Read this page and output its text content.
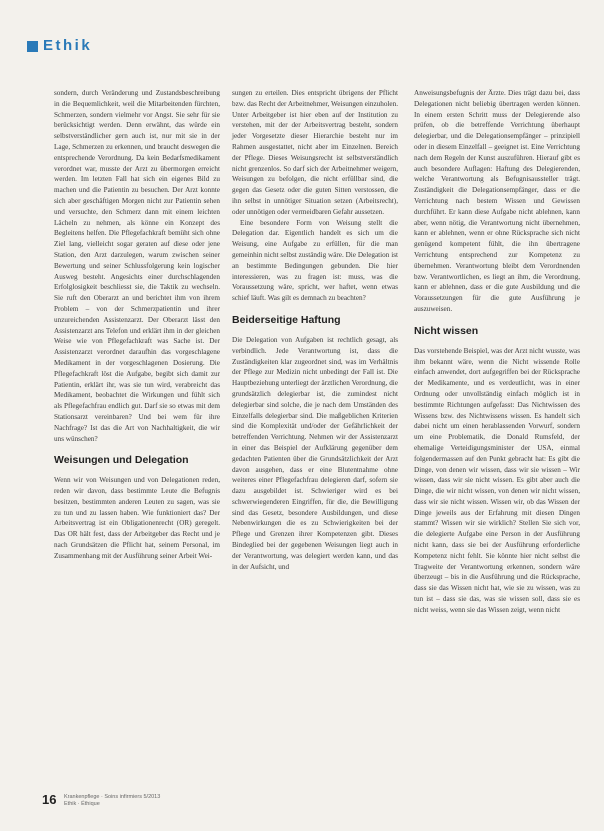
Ethik

sondern, durch Veränderung und Zustandsbeschreibung in die Bequemlichkeit, weil die Mitarbeitenden fürchten, Schmerzen, sondern vielmehr vor Angst. Sie sehr für sie berücksichtigt werden. Denn erwähnt, das würde ein selbstverständlicher gern auch ist, nur mit sie in der Lage, Schmerzen zu erkennen, und braucht deswegen die entsprechende Verordnung. Da kein Bedarfsmedikament verordnet war, musste der Arzt zu übermorgen erreicht werden. Im letzten Fall hat sich ein eigenes Bild zu machen und die Patientin zu besuchen. Der Arzt konnte sich aber geschäftigen Morgen nicht zur Patientin sehen und versuchte, den Schmerz dann mit einem leichten Lächeln zu nehmen, als könne ein Konzept des Begleitens helfen. Die Pflegefachkraft bemüht sich ohne Ziel lang, vielleicht sogar geraten auf diese oder jene Station, den Arzt darzulegen, warum zwischen seiner Bewertung und seiner Schlussfolgerung kein logischer Ausweg besteht. Angesichts einer durchschlagenden Erfolglosigkeit beschliesst sie, die Taktik zu wechseln. Sie ruft den Oberarzt an und berichtet ihm von ihrem Problem – von der Schmerzpatientin und ihrer unzureichenden Assistenzarzt. Der Oberarzt lässt den Assistenzarzt ans Telefon und erklärt ihm in der gleichen Weise wie von Pflegefachkraft was Sache ist. Der Assistenzarzt verordnet daraufhin das vorgeschlagene Medikament in der vorgeschlagenen Dosierung. Die Pflegefachkraft löst die Aufgabe, begibt sich damit zur Patientin, erklärt ihr, was sie tun wird, verabreicht das Medikament, beobachtet die Wirkungen und fühlt sich als Pflegefachfrau endlich gut. Darf sie so etwas mit dem Stationsarzt vereinbaren? Und bei wem für ihre Nachfrage? Ist das die Art von Nachhaltigkeit, die wir uns wünschen?

Weisungen und Delegation

Wenn wir von Weisungen und von Delegationen reden, reden wir davon, dass bestimmte Leute die Befugnis besitzen, bestimmten anderen Leuten zu sagen, was sie zu tun und zu lassen haben. Wie funktioniert das? Der Arbeitsvertrag ist ein Obligationenrecht (OR) geregelt. Das OR hält fest, dass der Arbeitgeber das Recht und je nach Grundsätzen die Pflicht hat, seinem Personal, im Zusammenhang mit der Ausführung seiner Arbeit Wei-

sungen zu erteilen. Dies entspricht übrigens der Pflicht bzw. das Recht der Arbeitnehmer, Weisungen einzuholen. Unter Arbeitgeber ist hier eben auf der Institution zu verstehen, mit der der Arbeitsvertrag besteht, sondern jeder Vorgesetzte dieser Hierarchie besteht nur im Rahmen ausgestattet, nicht aber im Einzelnen. Bereich der Pflege. Dieses Weisungsrecht ist selbstverständlich nicht grenzenlos. So darf sich der Arbeitnehmer weigern, Weisungen zu befolgen, die nicht erfüllbar sind, die gegen das Gesetz oder die guten Sitten verstossen, die ihn selbst in unnötiger Situation setzen (Arbeitsrecht), oder unnötigen oder vermeidbaren Gefahr aussetzen.

Eine besondere Form von Weisung stellt die Delegation dar. Eigentlich handelt es sich um die Weisung, eine Aufgabe zu erfüllen, für die man gemeinhin nicht selbst zuständig wäre. Die Delegation ist an bestimmte Bedingungen gebunden. Die hier interessieren, was zu fragen ist: muss, was die Voraussetzung wäre, spricht, wer haftet, wenn etwas schief läuft. Was gilt es demnach zu beachten?

Beiderseitige Haftung

Die Delegation von Aufgaben ist rechtlich gesagt, als verbindlich. Jede Verantwortung ist, dass die Zuständigkeiten klar zugeordnet sind, was im Verhältnis der Pflege zur Medizin nicht unbedingt der Fall ist. Die Hauptbeziehung unterliegt der ärztlichen Verordnung, die grundsätzlich delegierbar ist, die zumindest nicht delegierbar sind solche, die je nach dem Umständen des Einzelfalls delegierbar sind. Die maßgeblichen Kriterien sind die Komplexität und/oder der Gefährlichkeit der betreffenden Verrichtung. Nehmen wir der Assistenzarzt in einer das Beispiel der Aufklärung gegenüber dem gedachten Patienten über die Grundsätzlichkeit der Arzt davon ausgehen, dass er eine Blutentnahme ohne weiteres einer Pflegefachfrau delegieren darf, sofern sie dazu ausgebildet ist. Schwieriger wird es bei schwerwiegenderen Eingriffen, für die, die Bewilligung sind das Gesetz, besondere Ausbildungen, und diese Nebenwirkungen die es zu Schwierigkeiten bei der Pflege und Grenzen ihrer Kompetenzen gibt. Dieses Bindeglied bei der gegebenen Weisungen liegt auch in der Verantwortung, was delegiert werden kann, und das in der Aufsicht, und

Anweisungsbefugnis der Ärzte. Dies trägt dazu bei, dass Delegationen nicht beliebig übertragen werden können. In einem ersten Schritt muss der Delegierende also prüfen, ob die betreffende Verrichtung überhaupt delegierbar, und die Delegationsempfänger – prinzipiell oder in diesem Einzelfall – geeignet ist. Eine Verrichtung nach dem Regeln der Kunst auszuführen. Hierauf gibt es auch besondere Auflagen: Haftung des Delegierenden, welche Verantwortung als Befugnisaussteller trägt. Zuständigkeit die Delegationsempfänger, dass er die Verrichtung nach bestem Wissen und Gewissen durchführt. Er kann diese Aufgabe nicht ablehnen, kann aber, wenn nötig, die Verantwortung nicht übernehmen, kann er ablehnen, wenn er ohne Rücksprache sich nicht genügend kompetent fühlt, die ihn übertragene Verrichtung entsprechend zur Kompetenz zu übernehmen. Verantwortung bleibt dem Verordnenden bzw. Verantwortlichen, es liegt an ihm, die Verordnung, kann er ablehnen, dass er die gute Ausbildung und die Voraussetzungen für die gute Ausführung je auszuweisen.

Nicht wissen

Das vorstehende Beispiel, was der Arzt nicht wusste, was ihm bekannt wäre, wenn die Nicht wissende Rolle einfach anwendet, dort aufgegriffen bei der Rücksprache der Medikamente, und es verdeutlicht, was in einer Ordnung oder unvollständig einfach möglich ist in bestimmte Richtungen aufgefasst: Das Nichtwissen des Wissens bzw. des Nichtwissens wissen. Es handelt sich dabei nicht um einen herablassenden Vorwurf, sondern um eine Problematik, die Donald Rumsfeld, der ehemalige Verteidigungsminister der USA, einmal folgendermassen auf den Punkt gebracht hat: Es gibt die Dinge, von denen wir wissen, dass wir sie wissen – Wir wissen, dass wir sie nicht wissen. Es gibt aber auch die Dinge, die wir nicht wissen, von denen wir nicht wissen, dass wir sie nicht wissen. Wissen wir, ob das Wissen der Dinge jeweils aus der Erfahrung mit diesen Dingen stammt? Wissen wir sie wirklich? Stellen Sie sich vor, die delegierte Aufgabe eine Person in der Ausführung nicht kann, dass sie bei der Ausführung erforderliche Kompetenz nicht fehlt. Sie könnte hier nicht selbst die Tragweite der Verantwortung erkennen, sondern wäre überzeugt – bis in die Ausführung und die Rücksprache, dass sie das Wissen nicht hat, wie sie zu wissen, was zu tun ist – dass sie das, was sie wissen soll, dass sie es nicht weiss, wenn sie das Wissen zeigt, wenn nicht

16 Krankenpflege · Soins infirmiers 5/2013
Ethik · Éthique
